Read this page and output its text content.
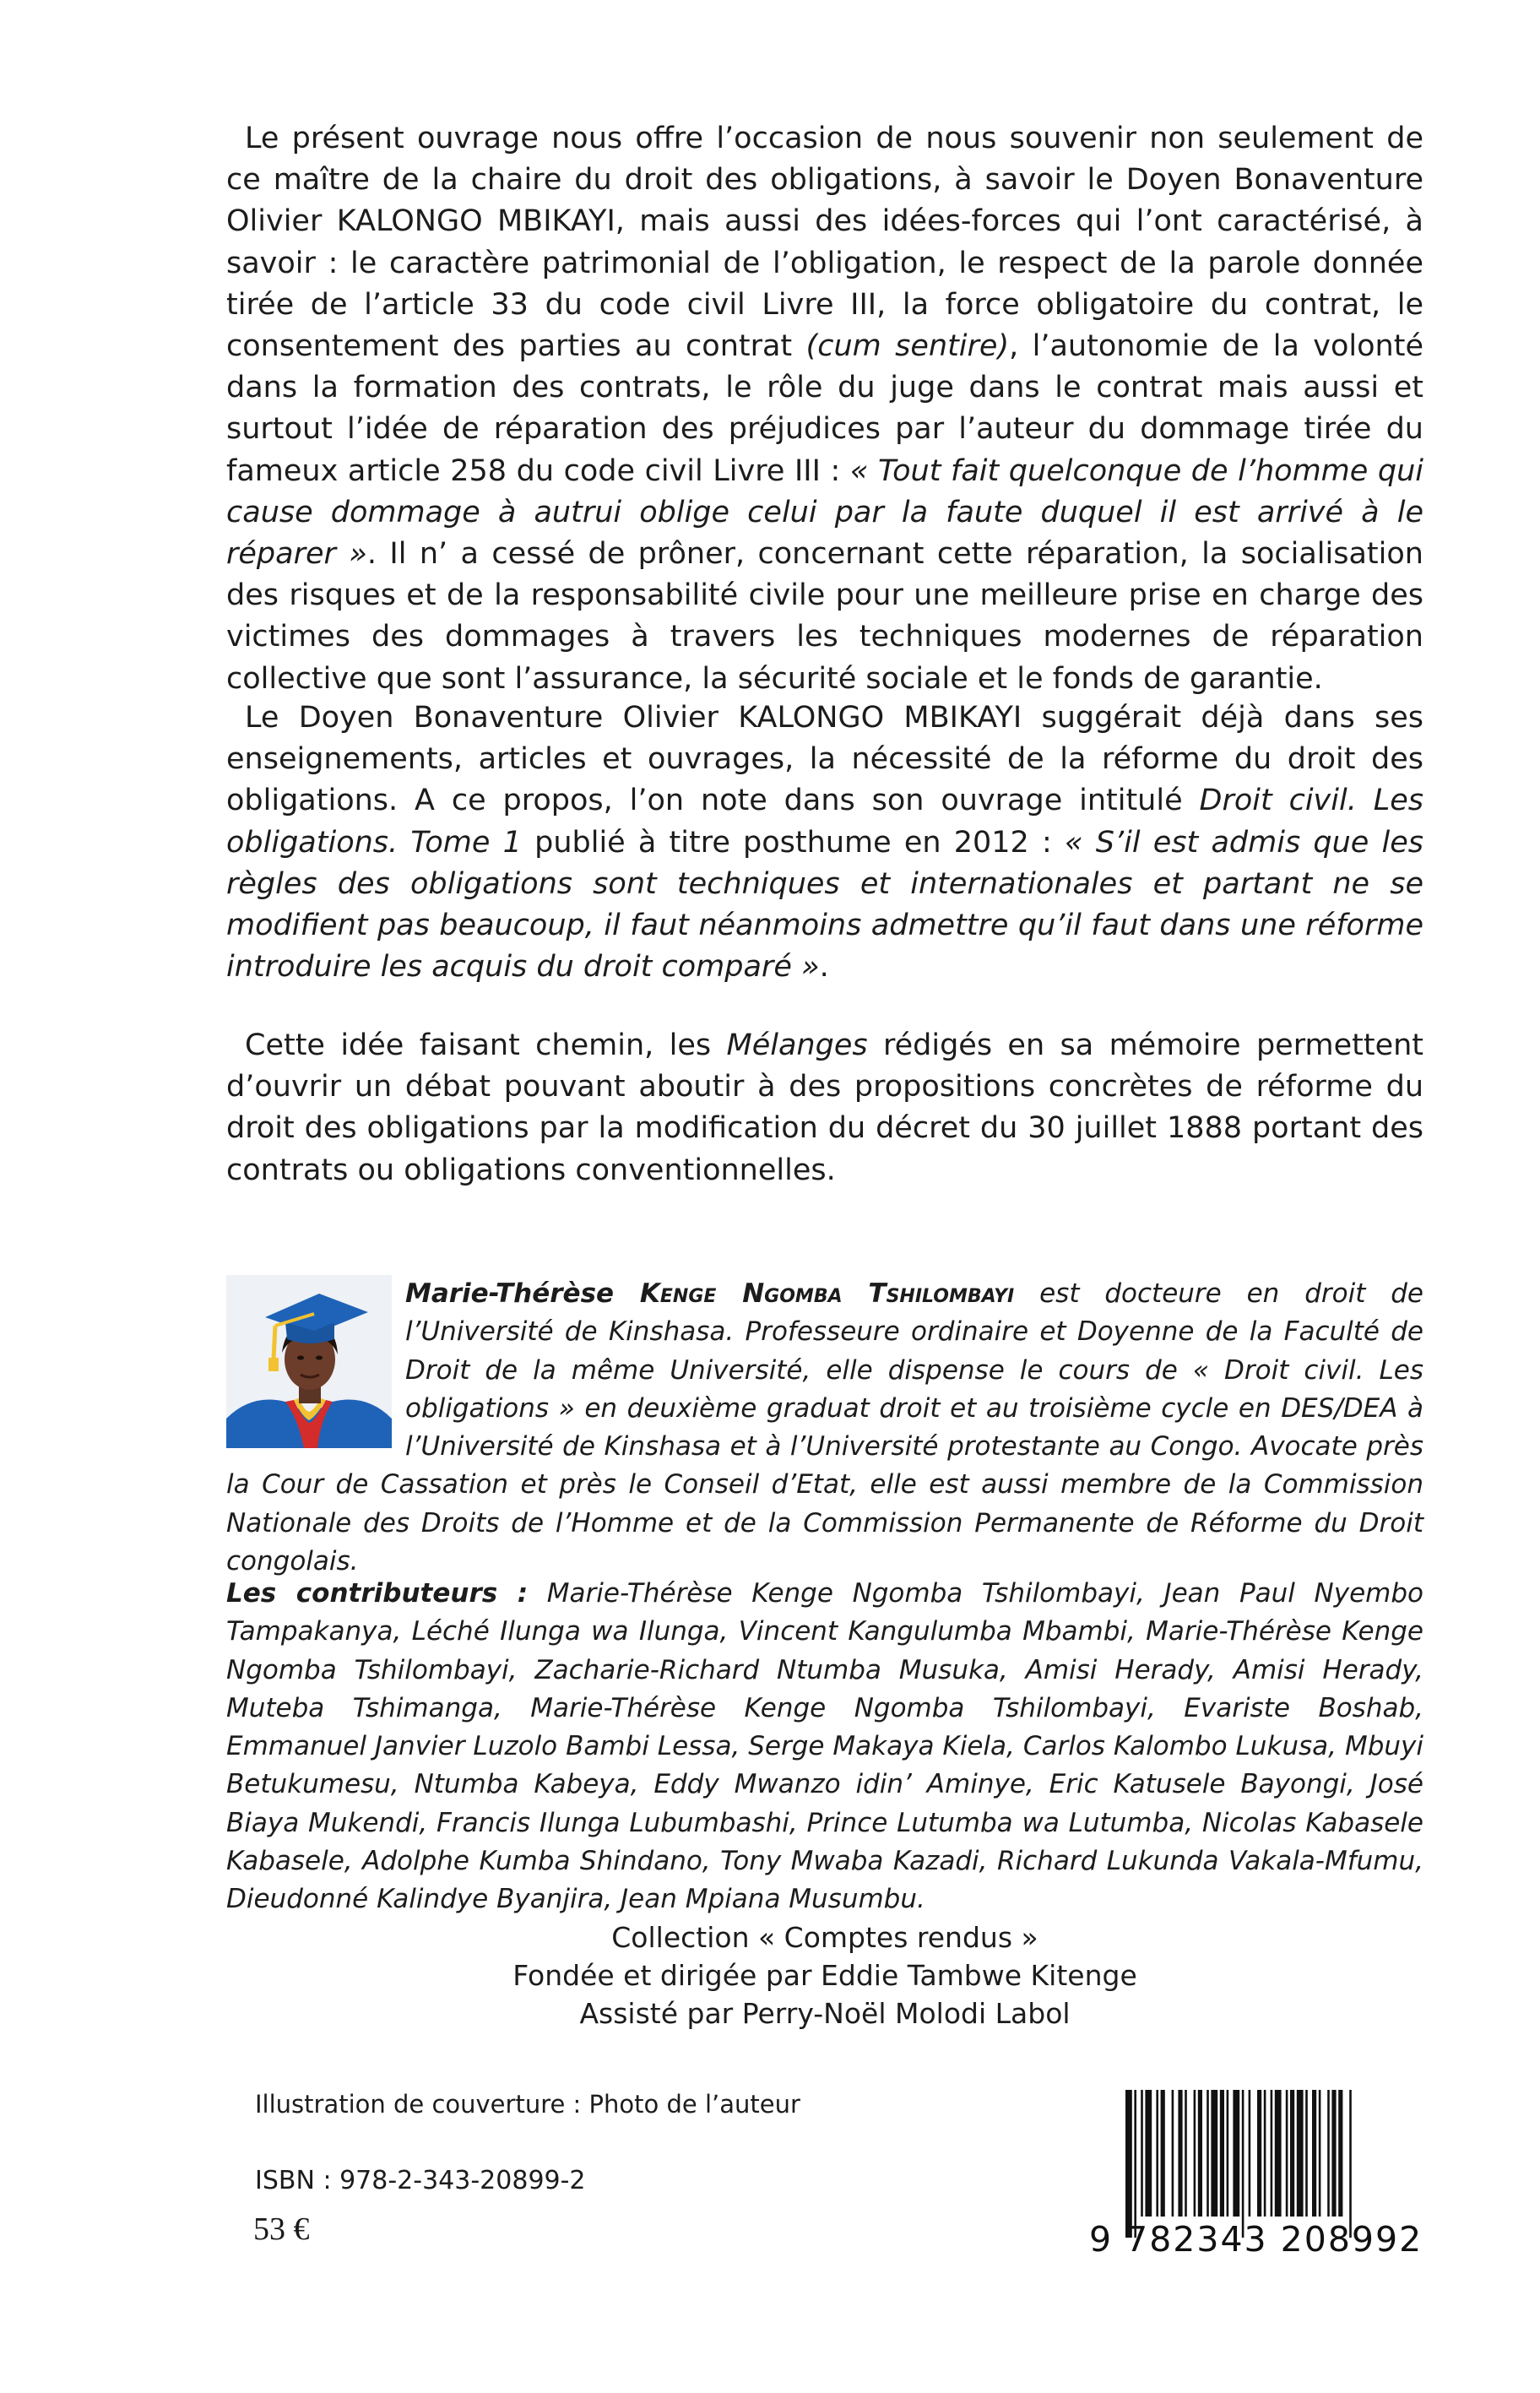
Le présent ouvrage nous offre l’occasion de nous souvenir non seulement de ce maître de la chaire du droit des obligations, à savoir le Doyen Bonaventure Olivier KALONGO MBIKAYI, mais aussi des idées-forces qui l’ont caractérisé, à savoir : le caractère patrimonial de l’obligation, le respect de la parole donnée tirée de l’article 33 du code civil Livre III, la force obligatoire du contrat, le consentement des parties au contrat (cum sentire), l’autonomie de la volonté dans la formation des contrats, le rôle du juge dans le contrat mais aussi et surtout l’idée de réparation des préjudices par l’auteur du dommage tirée du fameux article 258 du code civil Livre III : « Tout fait quelconque de l’homme qui cause dommage à autrui oblige celui par la faute duquel il est arrivé à le réparer ». Il n’ a cessé de prôner, concernant cette réparation, la socialisation des risques et de la responsabilité civile pour une meilleure prise en charge des victimes des dommages à travers les techniques modernes de réparation collective que sont l’assurance, la sécurité sociale et le fonds de garantie.

Le Doyen Bonaventure Olivier KALONGO MBIKAYI suggérait déjà dans ses enseignements, articles et ouvrages, la nécessité de la réforme du droit des obligations. A ce propos, l’on note dans son ouvrage intitulé Droit civil. Les obligations. Tome 1 publié à titre posthume en 2012 : « S’il est admis que les règles des obligations sont techniques et internationales et partant ne se modifient pas beaucoup, il faut néanmoins admettre qu’il faut dans une réforme introduire les acquis du droit comparé ».

Cette idée faisant chemin, les Mélanges rédigés en sa mémoire permettent d’ouvrir un débat pouvant aboutir à des propositions concrètes de réforme du droit des obligations par la modification du décret du 30 juillet 1888 portant des contrats ou obligations conventionnelles.

Marie-Thérèse Kenge Ngomba Tshilombayi est docteure en droit de l’Université de Kinshasa. Professeure ordinaire et Doyenne de la Faculté de Droit de la même Université, elle dispense le cours de « Droit civil. Les obligations » en deuxième graduat droit et au troisième cycle en DES/DEA à l’Université de Kinshasa et à l’Université protestante au Congo. Avocate près la Cour de Cassation et près le Conseil d’Etat, elle est aussi membre de la Commission Nationale des Droits de l’Homme et de la Commission Permanente de Réforme du Droit congolais.
Les contributeurs : Marie-Thérèse Kenge Ngomba Tshilombayi, Jean Paul Nyembo Tampakanya, Léché Ilunga wa Ilunga, Vincent Kangulumba Mbambi, Marie-Thérèse Kenge Ngomba Tshilombayi, Zacharie-Richard Ntumba Musuka, Amisi Herady, Amisi Herady, Muteba Tshimanga, Marie-Thérèse Kenge Ngomba Tshilombayi, Evariste Boshab, Emmanuel Janvier Luzolo Bambi Lessa, Serge Makaya Kiela, Carlos Kalombo Lukusa, Mbuyi Betukumesu, Ntumba Kabeya, Eddy Mwanzo idin’ Aminye, Eric Katusele Bayongi, José Biaya Mukendi, Francis Ilunga Lubumbashi, Prince Lutumba wa Lutumba, Nicolas Kabasele Kabasele, Adolphe Kumba Shindano, Tony Mwaba Kazadi, Richard Lukunda Vakala-Mfumu, Dieudonné Kalindye Byanjira, Jean Mpiana Musumbu.
Collection « Comptes rendus »
Fondée et dirigée par Eddie Tambwe Kitenge
Assisté par Perry-Noël Molodi Labol
Illustration de couverture : Photo de l’auteur
ISBN : 978-2-343-20899-2
53 €	9 782343 208992
